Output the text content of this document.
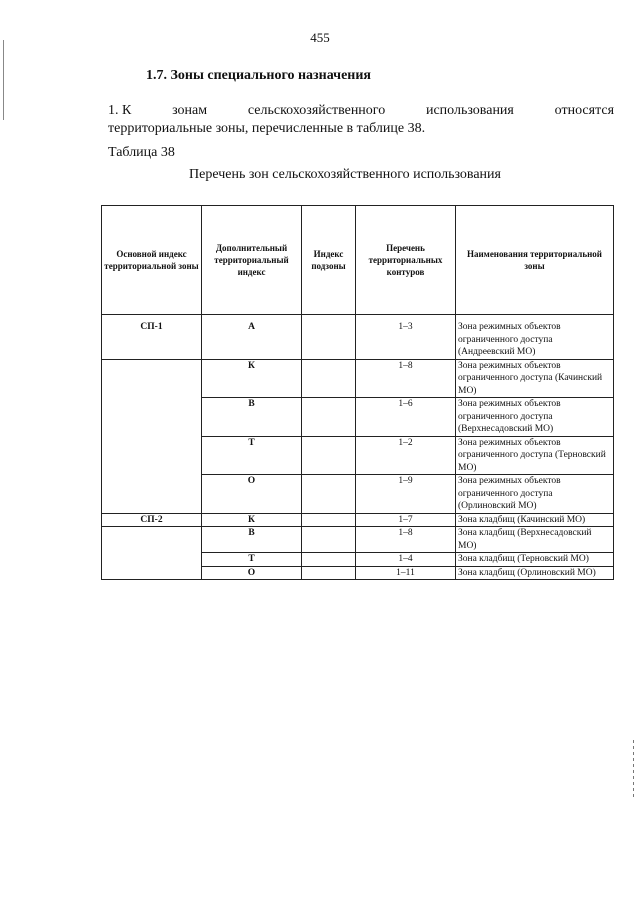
455
1.7. Зоны специального назначения
1. К	зонам	сельскохозяйственного	использования	относятся
территориальные зоны, перечисленные в таблице 38.
Таблица 38
Перечень зон сельскохозяйственного использования
Основной индекс территориальной зоны	Дополнительный территориальный индекс	Индекс подзоны	Перечень территориальных контуров	Наименования территориальной зоны
СП-1	А		1–3	Зона режимных объектов ограниченного доступа (Андреевский МО)
	К		1–8	Зона режимных объектов ограниченного доступа (Качинский МО)
	В		1–6	Зона режимных объектов ограниченного доступа (Верхнесадовский МО)
	Т		1–2	Зона режимных объектов ограниченного доступа (Терновский МО)
	О		1–9	Зона режимных объектов ограниченного доступа (Орлиновский МО)
СП-2	К		1–7	Зона кладбищ (Качинский МО)
	В		1–8	Зона кладбищ (Верхнесадовский МО)
	Т		1–4	Зона кладбищ (Терновский МО)
	О		1–11	Зона кладбищ (Орлиновский МО)
